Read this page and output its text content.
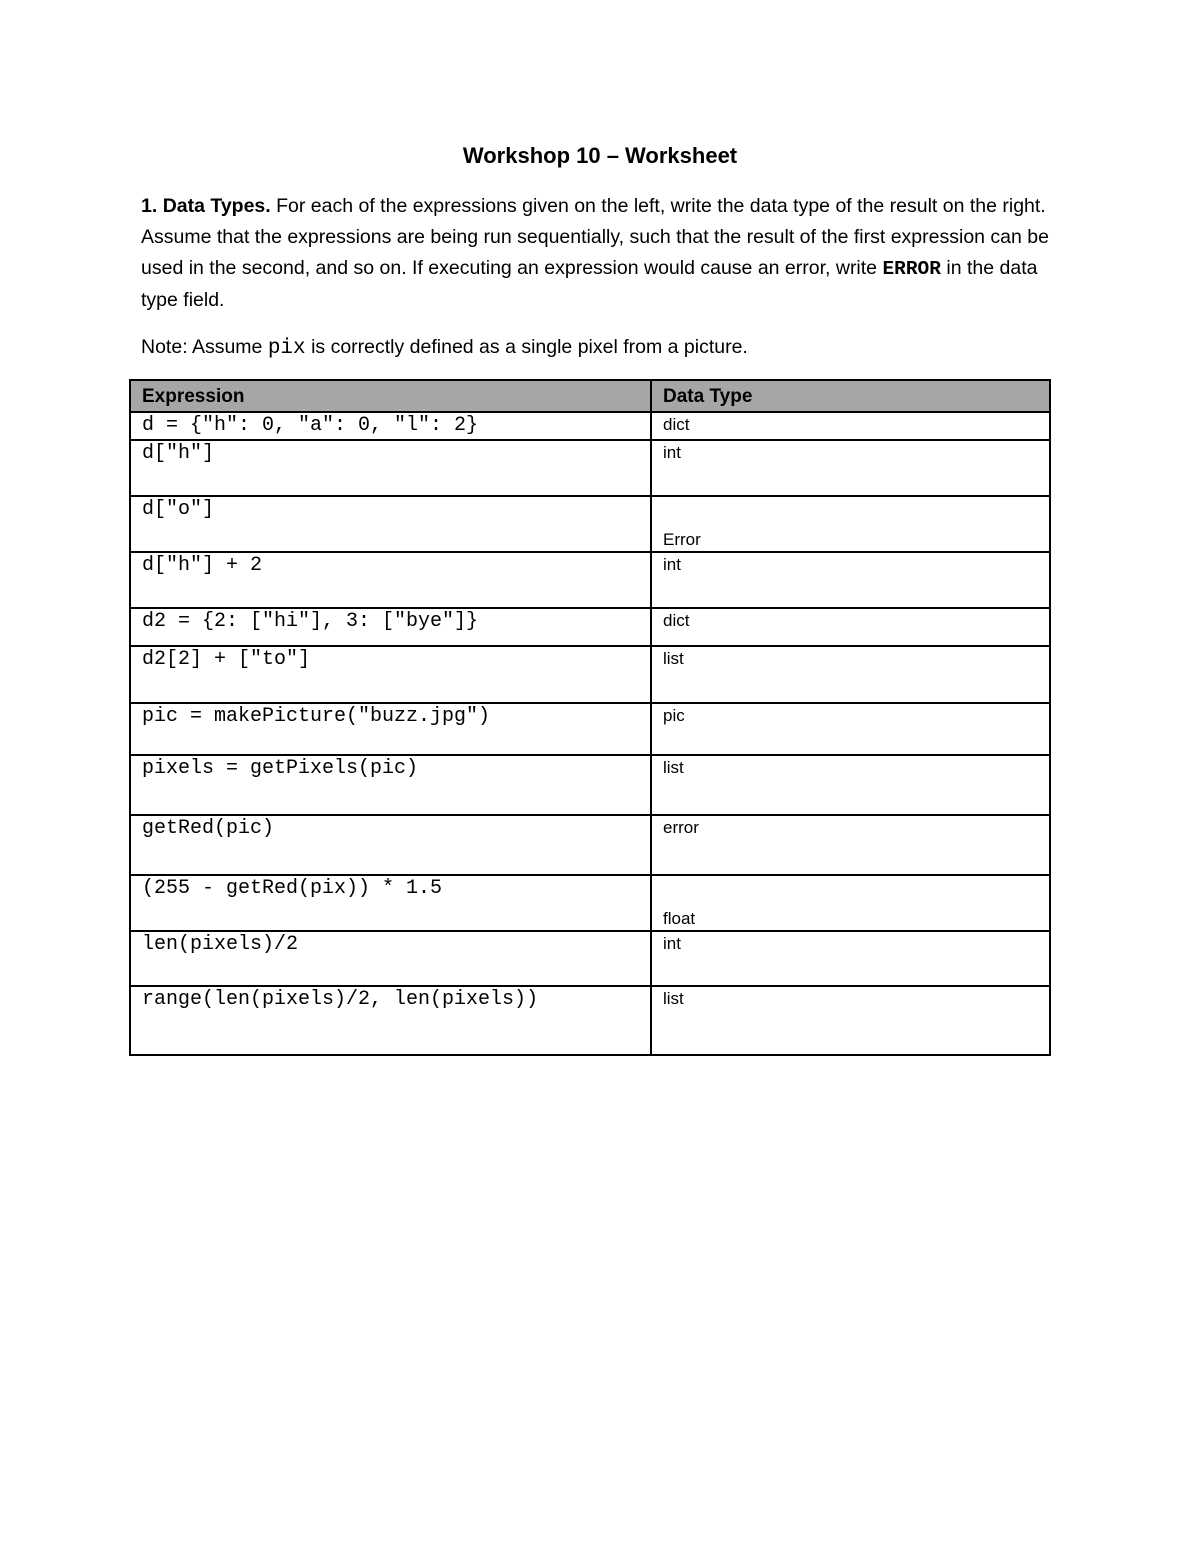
Workshop 10 – Worksheet
1. Data Types. For each of the expressions given on the left, write the data type of the result on the right. Assume that the expressions are being run sequentially, such that the result of the first expression can be used in the second, and so on. If executing an expression would cause an error, write ERROR in the data type field.
Note: Assume pix is correctly defined as a single pixel from a picture.
Expression	Data Type
d = {"h": 0, "a": 0, "l": 2}	dict
d["h"]	int
d["o"]	Error

d["h"] + 2	int
d2 = {2: ["hi"], 3: ["bye"]}	dict
d2[2] + ["to"]	list
pic = makePicture("buzz.jpg")	pic
pixels = getPixels(pic)	list
getRed(pic)	error
(255 - getRed(pix)) * 1.5	float

len(pixels)/2	int
range(len(pixels)/2, len(pixels))	list
